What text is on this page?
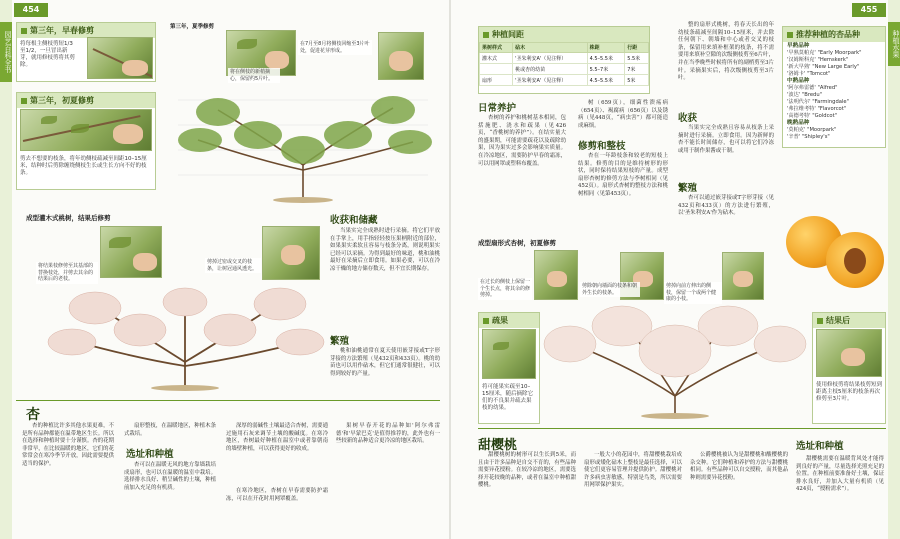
园艺百科全书
454
第三年，早春修剪
将每根主侧枝剪短1/3至1/2，一旦冒出新芽，就用修枝剪将其剪除。
第三年，初夏修剪
剪去不想要的枝条，将年幼侧枝疏减至间距10–15厘米，结种时后剪除缠绕侧枝生长或生长方向不好的枝条。
第三年，夏季修剪
将在侧枝的新梢摘心，保留约5片叶。
在7月至8月将侧枝回缩至3片叶处，促进花芽形成。
成型灌木式桃树，结果后修剪
将结果枝修剪至其基部的替换枝处，并剪去其余的结果后的老枝。
剪掉过密或交叉的枝条，让树冠通风透光。
收获和储藏
当果实完全成熟时进行采摘。将它们平放在手掌上，用手指轻轻按压果柄附近的部位，如果果实柔软且容易与枝条分离，则说明果实已经可以采摘。为得到最好的味道，桃和油桃最好在采摘后立即食用。如果必要，可以在冷凉干燥的地方储存数天，但不宜长期保存。
繁殖
桃和油桃通常在夏天使用嵌芽接或T字形芽接的方法繁殖（见432页和433页）。桃的幼苗也可以用作砧木，但它们通常很健壮，可以得到较好的产量。
杏
杏的种植比许多其他水果更难，不是所有品种都能在温带地区生长。所以在选择和种植时要十分谨慎。杏的花期非常早，在比较温暖的地区，它们的花常常会在寒冷季节开放，因此需要提供适当的保护。
扇形整枝，在温暖地区，种植木条式栽培。
选址和种植
杏可以在温暖无风的地方靠墙栽培成扇形，也可以在温暖的温室中栽培。选择排水良好、稍呈碱性的土壤，种植前加入充足的有机质。
深厚的弱碱性土壤最适合杏树，需要通过施用石灰来调节土壤的酸碱度。在寒冷地区，杏树最好种植在温室中或者靠朝南的墙壁种植，可以获得更好的收成。
在寒冷地区，杏树在早春需要防护霜冻，可以在开花时用网罩覆盖。
果树早春开花的品种如'阿尔弗雷德'和'早蒙巴克'是值得推荐的，此外也有一些较新的品种适合更冷凉的地区栽培。
种植水果
455
种植间距
果树样式	砧木	株距	行距
灌木式	'圣朱利安A'（见注释）	4.5–5.5米	5.5米
	桃或杏的幼苗	5.5–7米	7米
扇形	'圣朱利安A'（见注释）	4.5–5.5米	5米
日常养护
杏树的养护和桃树基本相同，包括施肥、浇水和疏果（见426页，“香桃树的养护”）。在结实量大的盛果期，可能需要疏花以及疏除幼果，因为果实过多会影响果实质量。在冷凉地区，需要防护早春的霜冻，可以用网罩或塑料布覆盖。
树（659页），细菌性溃疡病（654页）、褐腐病（656页）以及锈病（见448页，“病虫害”）都可能造成麻烦。
修剪和整枝
杏在一年龄枝条和较老的短枝上结果。修剪的目的是维持树形的形状，同时保持结果短枝的产量。成型扇形杏树的修剪方法与李树相同（见452页）。扇形式杏树的整枝方法和桃树相同（见第453页）。
整的扇形式桃树，将春天长出的年幼枝条疏减至间隔10–15厘米，并去除任何朝下、朝墙和中心或者交叉的枝条，保留用来填补框架的枝条，将不需要用来填补空隙的次级侧枝剪至6片叶，并在当季晚些时候将所有的副梢剪至3片叶。采摘果实后，将次级侧枝剪至3片叶。
收获
当果实完全成熟且容易从枝条上采摘时进行采摘。立即食用。因为新鲜的杏不能长时间储存，也可以将它们冷冻或用于制作果酱或干制。
繁殖
杏可以通过嵌芽接或T字形芽接（见432页和433页）的方法进行繁殖，以'圣朱利安A'作为砧木。
推荐种植的杏品种
早熟品种
'早熟莫帕克' "Early Moorpark"
'汉姆斯科克' "Hemskerk"
'新大早熟' "New Large Early"
'洛姆卡' "Tomcot"
中熟品种
'阿尔弗雷德' "Alfred"
'波达' "Bredu"
'法明代尔' "Farmingdale"
'弗拉维考特' "Flavorcot"
'高德考特' "Goldcot"
晚熟品种
'莫帕克' "Moorpark"
'辛普' "Shipley's"
成型扇形式杏树，初夏修剪
在过长的侧枝上保留一个生长点，将其余的修剪掉。
剪除朝向墙面的枝条和朝外生长的枝条。
剪掉向前方伸出的侧枝，保留一个或两个健康的小枝。
疏果
将可能果实疏至10–15厘米，随后摘除它们的不良果并疏去果枝的幼果。
结果后
使用修枝剪将结果枝剪短到距离主枝5厘米的枝条再次修剪至3片叶。
甜樱桃
甜樱桃树的树形可以生长到5米，而且由于许多品种是自交不育的，有些品种需要异花授粉。在较冷凉的地区，需要选择开花较晚的品种，或者在温室中种植甜樱桃。
一般大小的花园中，将甜樱桃栽培成扇形或矮化砧木上整枝是最佳选择，可以使它们更容易管理并提供防护。甜樱桃对许多病虫害敏感，特别是鸟类，所以需要用网罩保护果实。
公爵樱桃被认为是甜樱桃和酸樱桃的杂交种。它们种植和养护的方法与甜樱桃相同。有些品种可以自交授粉，而其他品种则需要异花授粉。
选址和种植
甜樱桃需要在温暖背风处才能得到良好的产量，尽量选择光照充足的位置。在种植前要准备好土壤，保证排水良好，并加入大量有机质（见424页，“授粉需求”）。
